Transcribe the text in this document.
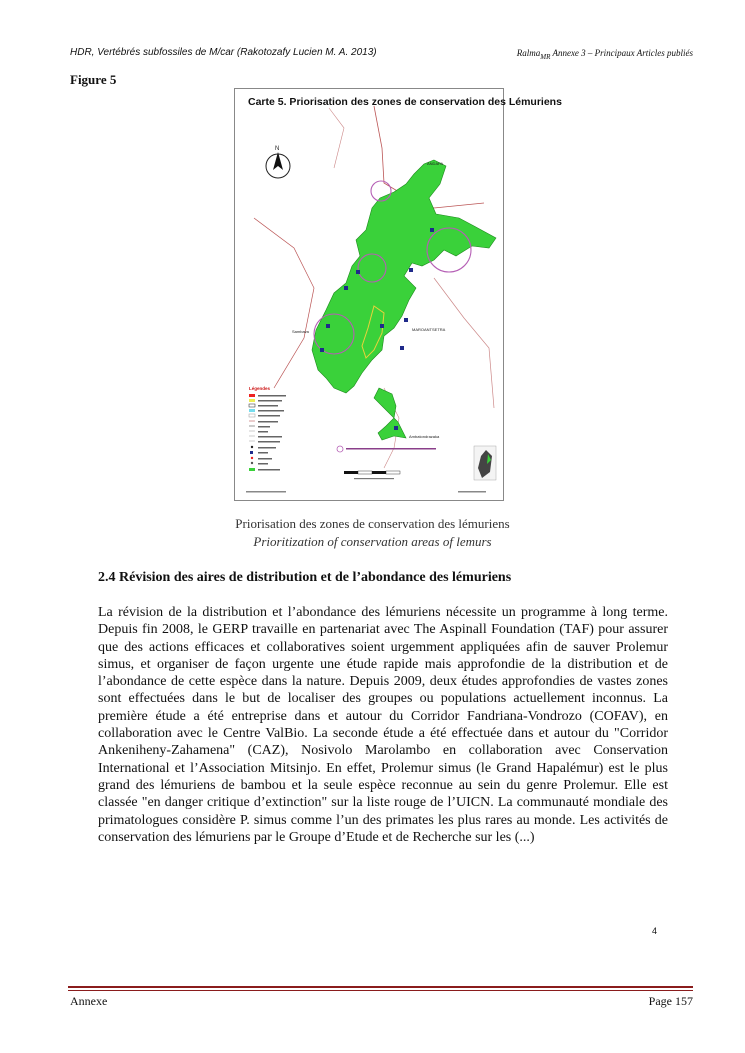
HDR, Vertébrés subfossiles de M/car (Rakotozafy Lucien M. A. 2013)	Ralma$_{MR}$ Annexe 3 – Principaux Articles publiés
Figure 5
N
ANDAPA
MAROANTSETRA
Sambava
Ambatondrazaka
Légendes
Carte 5. Priorisation des zones de conservation des Lémuriens
Priorisation des zones de conservation des lémuriens
Prioritization of conservation areas of lemurs
2.4 Révision des aires de distribution et de l’abondance des lémuriens

La révision de la distribution et l’abondance des lémuriens nécessite un programme à long terme. Depuis fin 2008, le GERP travaille en partenariat avec The Aspinall Foundation (TAF) pour assurer que des actions efficaces et collaboratives soient urgemment appliquées afin de sauver Prolemur simus, et organiser de façon urgente une étude rapide mais approfondie de la distribution et de l’abondance de cette espèce dans la nature. Depuis 2009, deux études approfondies de vastes zones sont effectuées dans le but de localiser des groupes ou populations actuellement inconnus. La première étude a été entreprise dans et autour du Corridor Fandriana-Vondrozo (COFAV), en collaboration avec le Centre ValBio. La seconde étude a été effectuée dans et autour du "Corridor Ankeniheny-Zahamena" (CAZ), Nosivolo Marolambo en collaboration avec Conservation International et l’Association Mitsinjo. En effet, Prolemur simus (le Grand Hapalémur) est le plus grand des lémuriens de bambou et la seule espèce reconnue au sein du genre Prolemur. Elle est classée "en danger critique d’extinction" sur la liste rouge de l’UICN. La communauté mondiale des primatologues considère P. simus comme l’un des primates les plus rares au monde. Les activités de conservation des lémuriens par le Groupe d’Etude et de Recherche sur les (...)

4
Annexe	Page 157
